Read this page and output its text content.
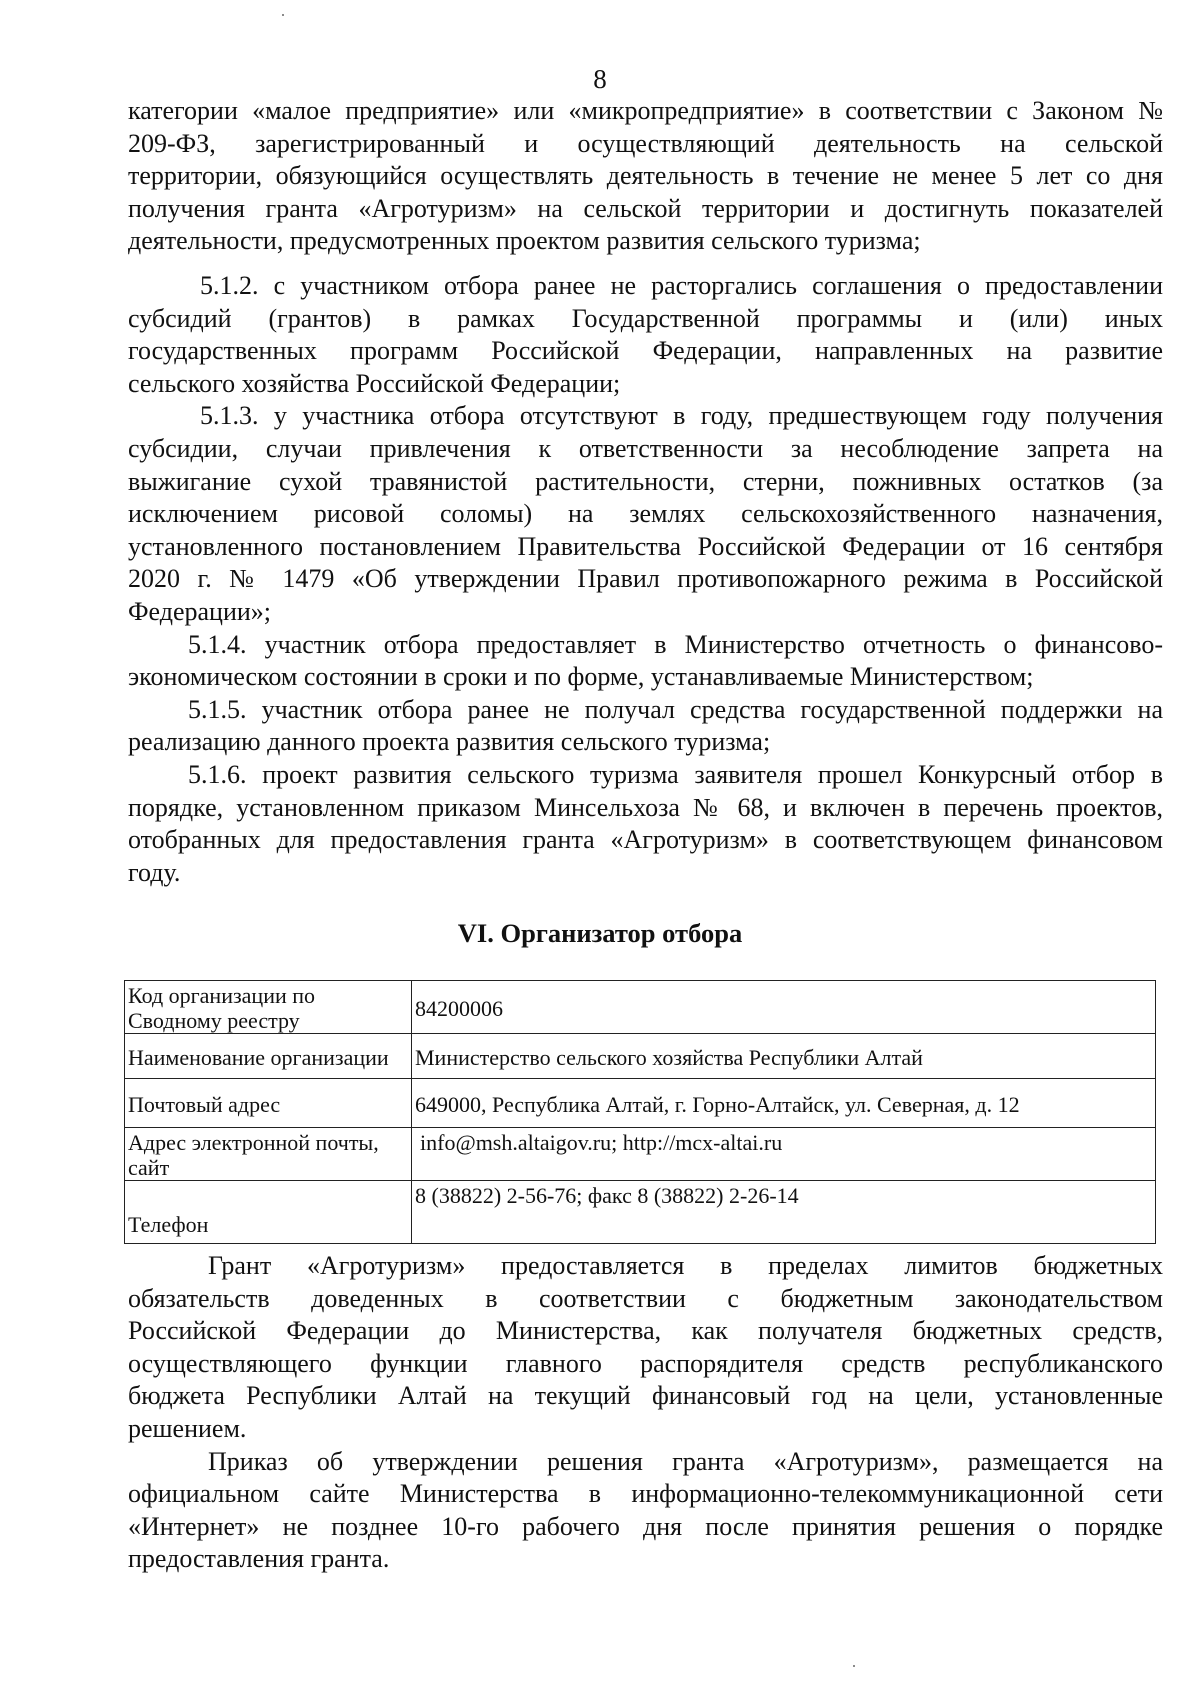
8

категории «малое предприятие» или «микропредприятие» в соответствии с Законом №

209-ФЗ, зарегистрированный и осуществляющий деятельность на сельской

территории, обязующийся осуществлять деятельность в течение не менее 5 лет со дня

получения гранта «Агротуризм» на сельской территории и достигнуть показателей

деятельности, предусмотренных проектом развития сельского туризма;

5.1.2. с участником отбора ранее не расторгались соглашения о предоставлении

субсидий (грантов) в рамках Государственной программы и (или) иных

государственных программ Российской Федерации, направленных на развитие

сельского хозяйства Российской Федерации;

5.1.3. у участника отбора отсутствуют в году, предшествующем году получения

субсидии, случаи привлечения к ответственности за несоблюдение запрета на

выжигание сухой травянистой растительности, стерни, пожнивных остатков (за

исключением рисовой соломы) на землях сельскохозяйственного назначения,

установленного постановлением Правительства Российской Федерации от 16 сентября

2020 г. № 1479 «Об утверждении Правил противопожарного режима в Российской

Федерации»;

5.1.4. участник отбора предоставляет в Министерство отчетность о финансово-

экономическом состоянии в сроки и по форме, устанавливаемые Министерством;

5.1.5. участник отбора ранее не получал средства государственной поддержки на

реализацию данного проекта развития сельского туризма;

5.1.6. проект развития сельского туризма заявителя прошел Конкурсный отбор в

порядке, установленном приказом Минсельхоза № 68, и включен в перечень проектов,

отобранных для предоставления гранта «Агротуризм» в соответствующем финансовом

году.

VI. Организатор отбора
Код организации по Сводному реестру	84200006
Наименование организации	Министерство сельского хозяйства Республики Алтай
Почтовый адрес	649000, Республика Алтай, г. Горно-Алтайск, ул. Северная, д. 12
Адрес электронной почты, сайт	info@msh.altaigov.ru; http://mcx-altai.ru
Телефон	8 (38822) 2-56-76; факс 8 (38822) 2-26-14

Грант «Агротуризм» предоставляется в пределах лимитов бюджетных

обязательств доведенных в соответствии с бюджетным законодательством

Российской Федерации до Министерства, как получателя бюджетных средств,

осуществляющего функции главного распорядителя средств республиканского

бюджета Республики Алтай на текущий финансовый год на цели, установленные

решением.

Приказ об утверждении решения гранта «Агротуризм», размещается на

официальном сайте Министерства в информационно-телекоммуникационной сети

«Интернет» не позднее 10-го рабочего дня после принятия решения о порядке

предоставления гранта.
